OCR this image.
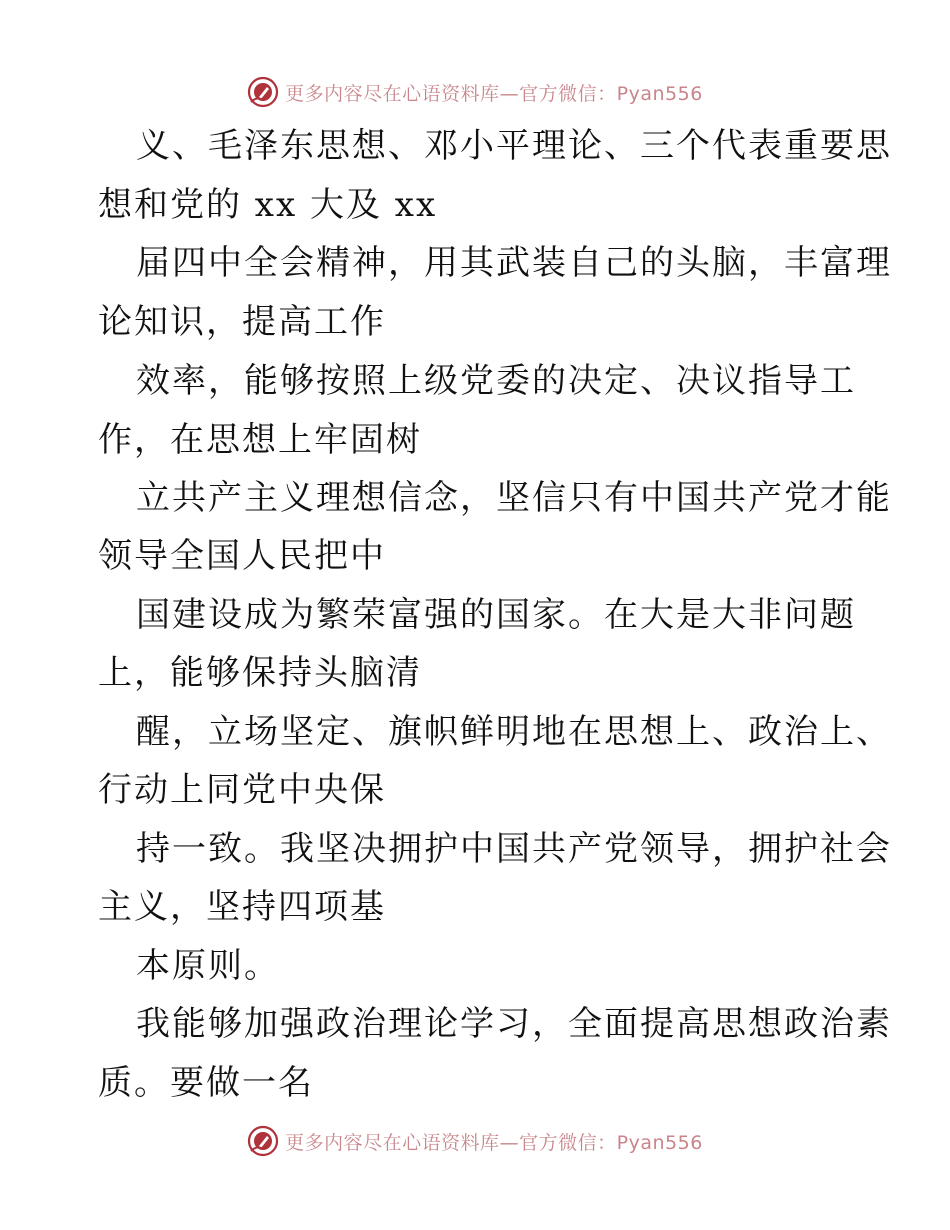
更多内容尽在心语资料库—官方微信：Pyan556
义、毛泽东思想、邓小平理论、三个代表重要思
想和党的 xx 大及 xx
届四中全会精神，用其武装自己的头脑，丰富理
论知识，提高工作
效率，能够按照上级党委的决定、决议指导工
作，在思想上牢固树
立共产主义理想信念，坚信只有中国共产党才能
领导全国人民把中
国建设成为繁荣富强的国家。在大是大非问题
上，能够保持头脑清
醒，立场坚定、旗帜鲜明地在思想上、政治上、
行动上同党中央保
持一致。我坚决拥护中国共产党领导，拥护社会
主义，坚持四项基
本原则。
我能够加强政治理论学习，全面提高思想政治素
质。要做一名
更多内容尽在心语资料库—官方微信：Pyan556
